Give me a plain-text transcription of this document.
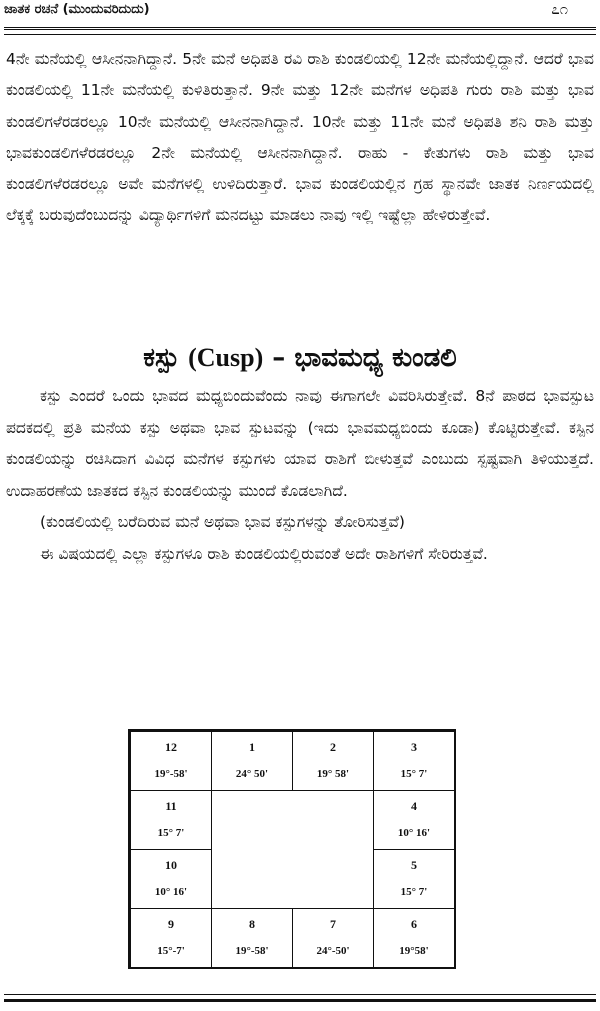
ಜಾತಕ ರಚನೆ (ಮುಂದುವರಿದುದು)	೭೧

4ನೇ ಮನೆಯಲ್ಲಿ ಆಸೀನನಾಗಿದ್ದಾನೆ. 5ನೇ ಮನೆ ಅಧಿಪತಿ ರವಿ ರಾಶಿ ಕುಂಡಲಿಯಲ್ಲಿ 12ನೇ ಮನೆಯಲ್ಲಿದ್ದಾನೆ. ಆದರೆ ಭಾವ ಕುಂಡಲಿಯಲ್ಲಿ 11ನೇ ಮನೆಯಲ್ಲಿ ಕುಳಿತಿರುತ್ತಾನೆ. 9ನೇ ಮತ್ತು 12ನೇ ಮನೆಗಳ ಅಧಿಪತಿ ಗುರು ರಾಶಿ ಮತ್ತು ಭಾವ ಕುಂಡಲಿಗಳೆರಡರಲ್ಲೂ 10ನೇ ಮನೆಯಲ್ಲಿ ಆಸೀನನಾಗಿದ್ದಾನೆ. 10ನೇ ಮತ್ತು 11ನೇ ಮನೆ ಅಧಿಪತಿ ಶನಿ ರಾಶಿ ಮತ್ತು ಭಾವಕುಂಡಲಿಗಳೆರಡರಲ್ಲೂ 2ನೇ ಮನೆಯಲ್ಲಿ ಆಸೀನನಾಗಿದ್ದಾನೆ. ರಾಹು - ಕೇತುಗಳು ರಾಶಿ ಮತ್ತು ಭಾವ ಕುಂಡಲಿಗಳೆರಡರಲ್ಲೂ ಅವೇ ಮನೆಗಳಲ್ಲಿ ಉಳಿದಿರುತ್ತಾರೆ. ಭಾವ ಕುಂಡಲಿಯಲ್ಲಿನ ಗ್ರಹ ಸ್ಥಾನವೇ ಜಾತಕ ನಿರ್ಣಯದಲ್ಲಿ ಲೆಕ್ಕಕ್ಕೆ ಬರುವುದೆಂಬುದನ್ನು ವಿದ್ಯಾರ್ಥಿಗಳಿಗೆ ಮನದಟ್ಟು ಮಾಡಲು ನಾವು ಇಲ್ಲಿ ಇಷ್ಟೆಲ್ಲಾ ಹೇಳಿರುತ್ತೇವೆ.

ಕಸ್ಪು (Cusp) – ಭಾವಮಧ್ಯ ಕುಂಡಲಿ

ಕಸ್ಪು ಎಂದರೆ ಒಂದು ಭಾವದ ಮಧ್ಯಬಿಂದುವೆಂದು ನಾವು ಈಗಾಗಲೇ ವಿವರಿಸಿರುತ್ತೇವೆ. 8ನೆ ಪಾಠದ ಭಾವಸ್ಪುಟ ಪದಕದಲ್ಲಿ ಪ್ರತಿ ಮನೆಯ ಕಸ್ಪು ಅಥವಾ ಭಾವ ಸ್ಪುಟವನ್ನು (ಇದು ಭಾವಮಧ್ಯಬಿಂದು ಕೂಡಾ) ಕೊಟ್ಟಿರುತ್ತೇವೆ. ಕಸ್ಪಿನ ಕುಂಡಲಿಯನ್ನು ರಚಿಸಿದಾಗ ವಿವಿಧ ಮನೆಗಳ ಕಸ್ಪುಗಳು ಯಾವ ರಾಶಿಗೆ ಬೀಳುತ್ತವೆ ಎಂಬುದು ಸ್ಪಷ್ಟವಾಗಿ ತಿಳಿಯುತ್ತದೆ. ಉದಾಹರಣೆಯ ಜಾತಕದ ಕಸ್ಪಿನ ಕುಂಡಲಿಯನ್ನು ಮುಂದೆ ಕೊಡಲಾಗಿದೆ.

(ಕುಂಡಲಿಯಲ್ಲಿ ಬರೆದಿರುವ ಮನೆ ಅಥವಾ ಭಾವ ಕಸ್ಪುಗಳನ್ನು ತೋರಿಸುತ್ತವೆ)

ಈ ವಿಷಯದಲ್ಲಿ ಎಲ್ಲಾ ಕಸ್ಪುಗಳೂ ರಾಶಿ ಕುಂಡಲಿಯಲ್ಲಿರುವಂತೆ ಅದೇ ರಾಶಿಗಳಿಗೆ ಸೇರಿರುತ್ತವೆ.

12
19°-58'
1
24° 50'
2
19° 58'
3
15° 7'
4
10° 16'
5
15° 7'
6
19°58'
7
24°-50'
8
19°-58'
9
15°-7'
10
10° 16'
11
15° 7'
